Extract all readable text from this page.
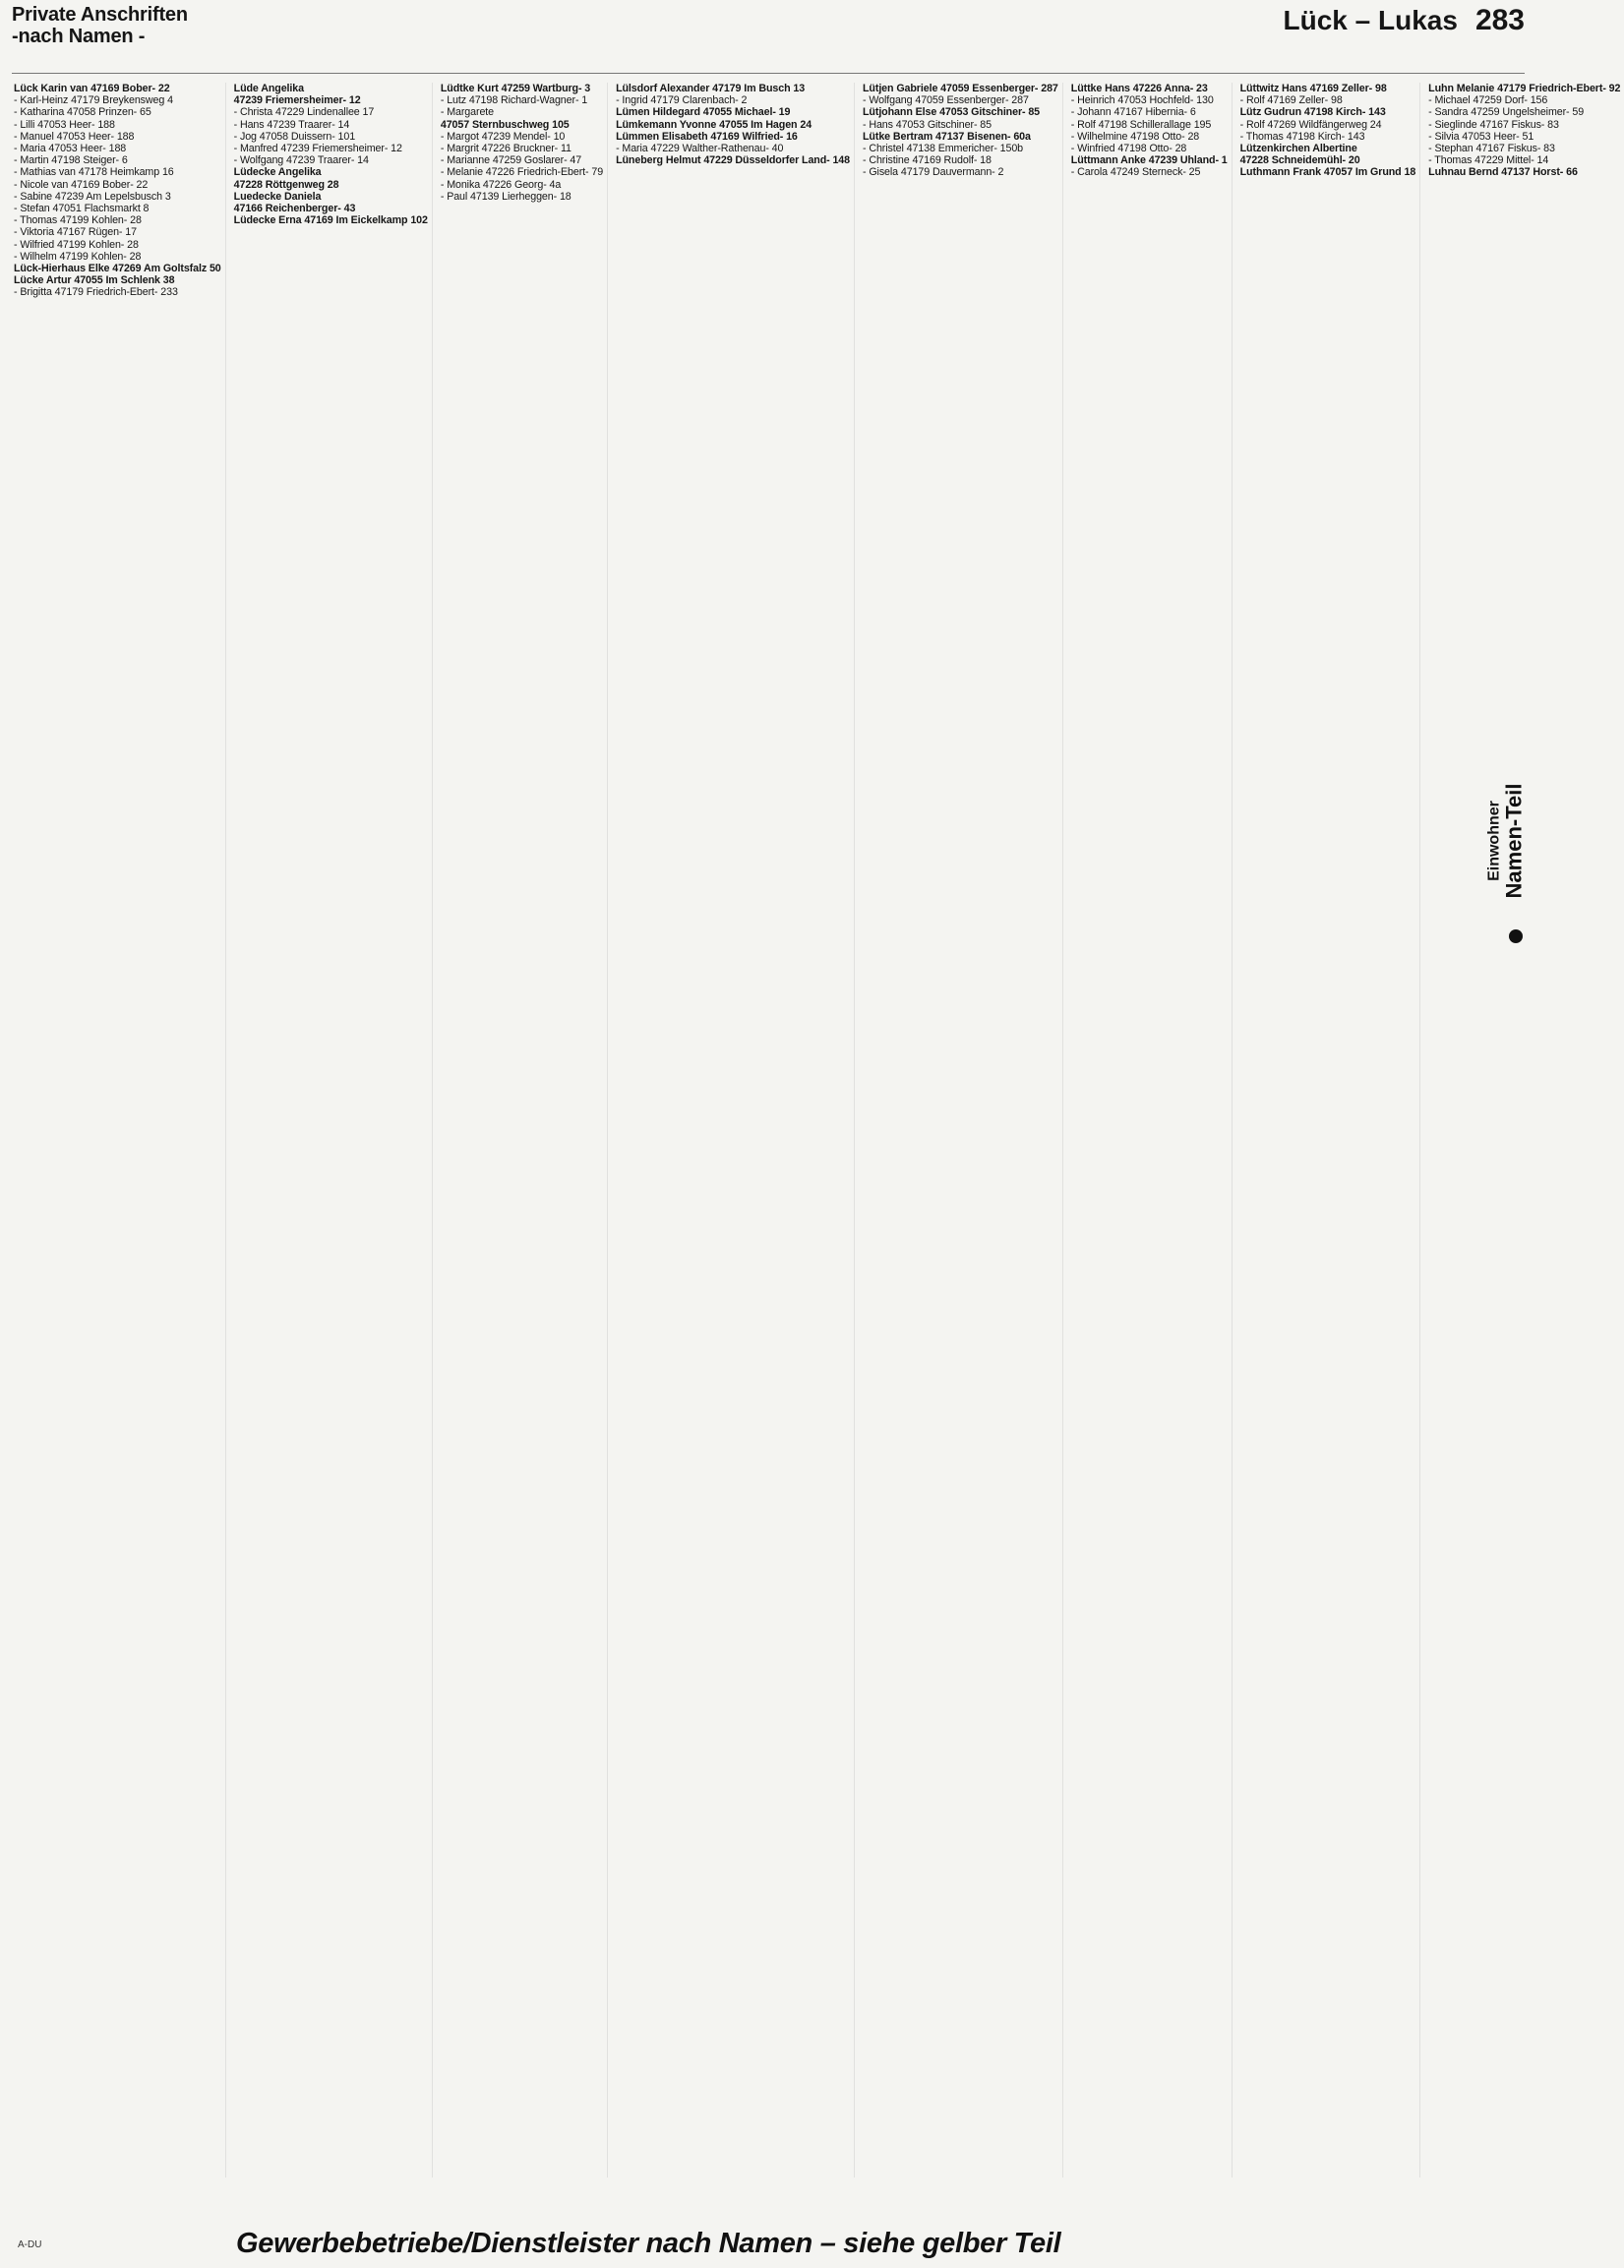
Private Anschriften
-nach Namen -
Lück – Lukas 283
Lück Karin van 47169 Bober- 22
- Karl-Heinz 47179 Breykensweg 4
- Katharina 47058 Prinzen- 65
- Lilli 47053 Heer- 188
- Manuel 47053 Heer- 188
- Maria 47053 Heer- 188
- Martin 47198 Steiger- 6
- Mathias van 47178 Heimkamp 16
- Nicole van 47169 Bober- 22
- Sabine 47239 Am Lepelsbusch 3
- Stefan 47051 Flachsmarkt 8
- Thomas 47199 Kohlen- 28
- Viktoria 47167 Rügen- 17
- Wilfried 47199 Kohlen- 28
- Wilhelm 47199 Kohlen- 28
Lück-Hierhaus Elke 47269 Am Goltsfalz 50
Lücke Artur 47055 Im Schlenk 38
- Brigitta 47179 Friedrich-Ebert- 233
Lüde Angelika
47239 Friemersheimer- 12
- Christa 47229 Lindenallee 17
- Hans 47239 Traarer- 14
- Jog 47058 Duissern- 101
- Manfred 47239 Friemersheimer- 12
- Wolfgang 47239 Traarer- 14
Lüdecke Angelika
47228 Röttgenweg 28
Luedecke Daniela
47166 Reichenberger- 43
Lüdecke Erna 47169 Im Eickelkamp 102
Lüdtke Kurt 47259 Wartburg- 3
- Lutz 47198 Richard-Wagner- 1
- Margarete
47057 Sternbuschweg 105
- Margot 47239 Mendel- 10
- Margrit 47226 Bruckner- 11
- Marianne 47259 Goslarer- 47
- Melanie 47226 Friedrich-Ebert- 79
- Monika 47226 Georg- 4a
- Paul 47139 Lierheggen- 18
Lülsdorf Alexander 47179 Im Busch 13
- Ingrid 47179 Clarenbach- 2
Lümen Hildegard 47055 Michael- 19
Lümkemann Yvonne 47055 Im Hagen 24
Lümmen Elisabeth 47169 Wilfried- 16
- Maria 47229 Walther-Rathenau- 40
Lüneberg Helmut 47229 Düsseldorfer Land- 148
Lütjen Gabriele 47059 Essenberger- 287
- Wolfgang 47059 Essenberger- 287
Lütjohann Else 47053 Gitschiner- 85
- Hans 47053 Gitschiner- 85
Lütke Bertram 47137 Bisenen- 60a
- Christel 47138 Emmericher- 150b
- Christine 47169 Rudolf- 18
- Gisela 47179 Dauvermann- 2
Lüttke Hans 47226 Anna- 23
- Heinrich 47053 Hochfeld- 130
- Johann 47167 Hibernia- 6
- Rolf 47198 Schillerallage 195
- Wilhelmine 47198 Otto- 28
- Winfried 47198 Otto- 28
Lüttmann Anke 47239 Uhland- 1
- Carola 47249 Sterneck- 25
Lüttwitz Hans 47169 Zeller- 98
- Rolf 47169 Zeller- 98
Lütz Gudrun 47198 Kirch- 143
- Rolf 47269 Wildfängerweg 24
- Thomas 47198 Kirch- 143
Lützenkirchen Albertine
47228 Schneidemühl- 20
Luthmann Frank 47057 Im Grund 18
Luhn Melanie 47179 Friedrich-Ebert- 92
- Michael 47259 Dorf- 156
- Sandra 47259 Ungelsheimer- 59
- Sieglinde 47167 Fiskus- 83
- Silvia 47053 Heer- 51
- Stephan 47167 Fiskus- 83
- Thomas 47229 Mittel- 14
Luhnau Bernd 47137 Horst- 66
Einwohner Namen-Teil
A-DU	Gewerbebetriebe/Dienstleister nach Namen – siehe gelber Teil
